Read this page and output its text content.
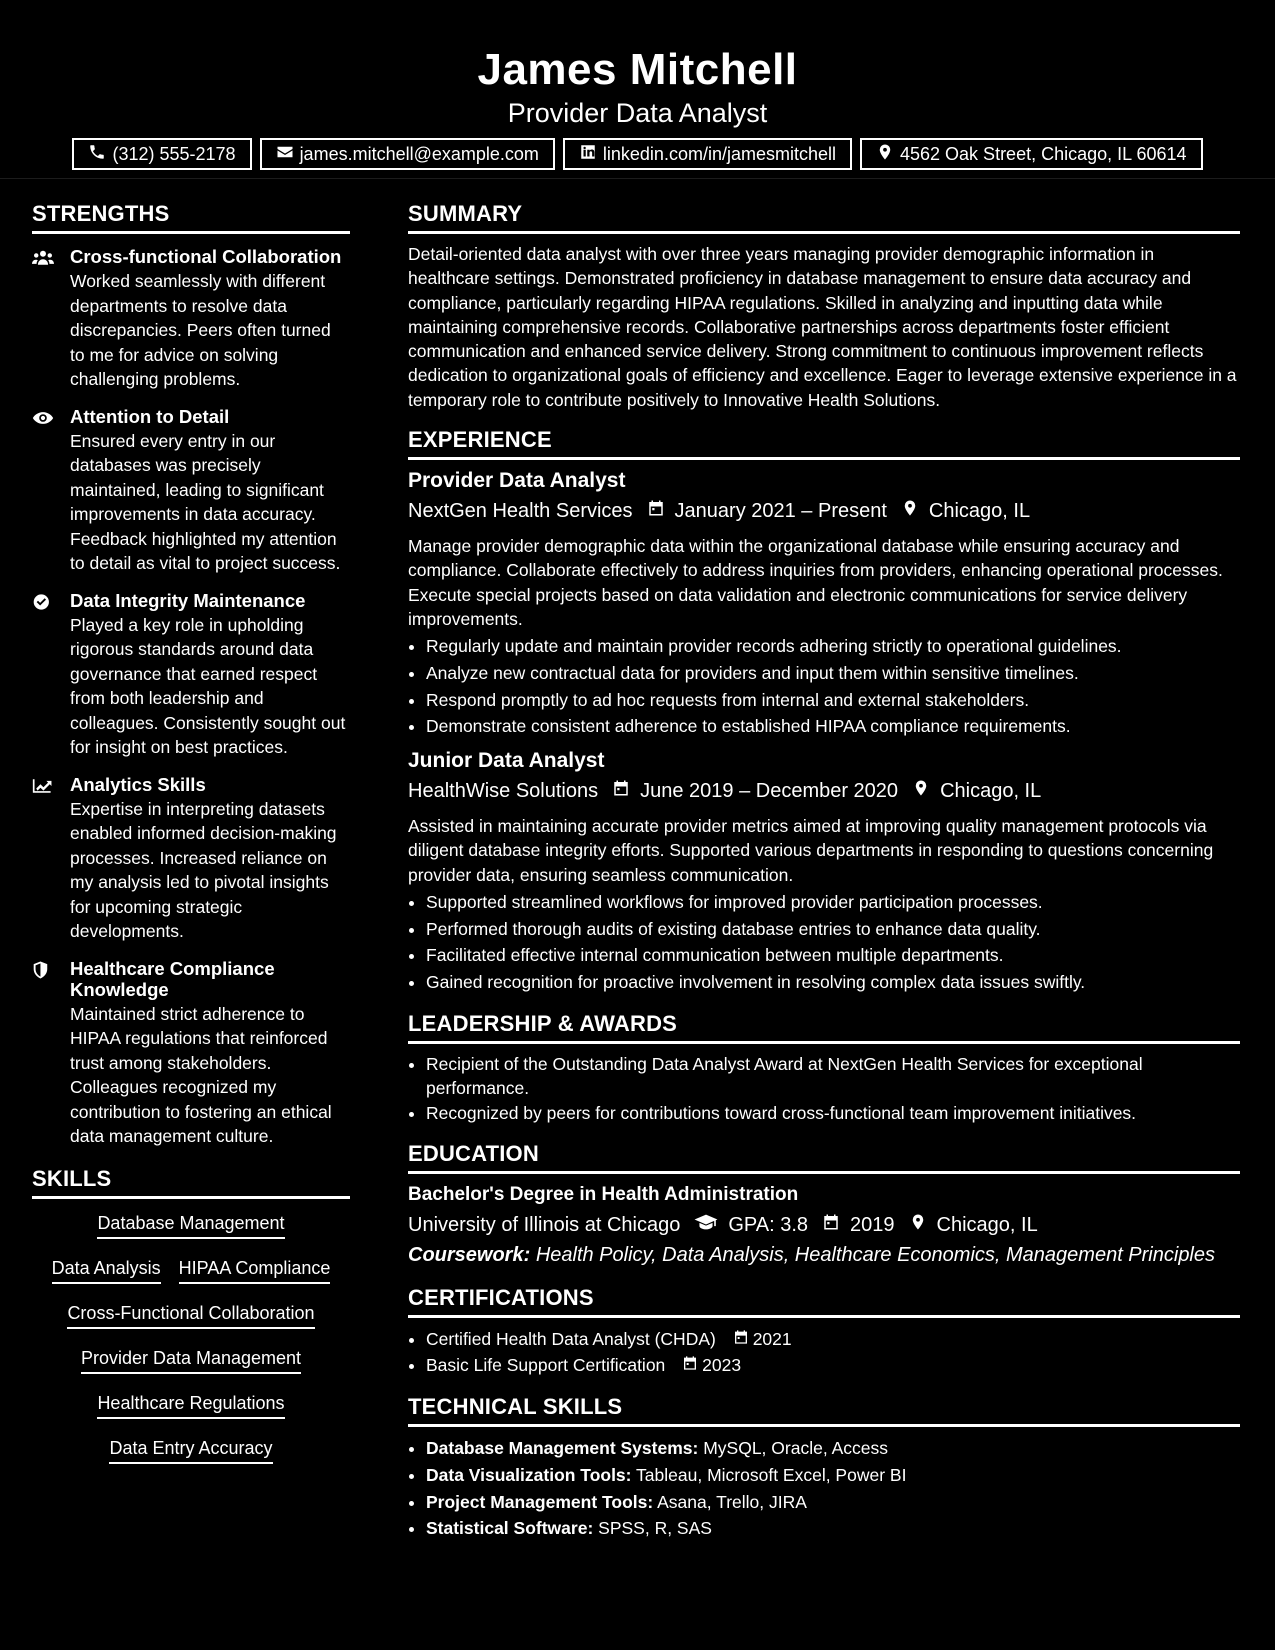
James Mitchell
Provider Data Analyst
(312) 555-2178	james.mitchell@example.com	linkedin.com/in/jamesmitchell	4562 Oak Street, Chicago, IL 60614
STRENGTHS
Cross-functional Collaboration
Worked seamlessly with different departments to resolve data discrepancies. Peers often turned to me for advice on solving challenging problems.
Attention to Detail
Ensured every entry in our databases was precisely maintained, leading to significant improvements in data accuracy. Feedback highlighted my attention to detail as vital to project success.
Data Integrity Maintenance
Played a key role in upholding rigorous standards around data governance that earned respect from both leadership and colleagues. Consistently sought out for insight on best practices.
Analytics Skills
Expertise in interpreting datasets enabled informed decision-making processes. Increased reliance on my analysis led to pivotal insights for upcoming strategic developments.
Healthcare Compliance Knowledge
Maintained strict adherence to HIPAA regulations that reinforced trust among stakeholders. Colleagues recognized my contribution to fostering an ethical data management culture.
SKILLS
Database Management
Data Analysis HIPAA Compliance
Cross-Functional Collaboration
Provider Data Management
Healthcare Regulations
Data Entry Accuracy
SUMMARY
Detail-oriented data analyst with over three years managing provider demographic information in healthcare settings. Demonstrated proficiency in database management to ensure data accuracy and compliance, particularly regarding HIPAA regulations. Skilled in analyzing and inputting data while maintaining comprehensive records. Collaborative partnerships across departments foster efficient communication and enhanced service delivery. Strong commitment to continuous improvement reflects dedication to organizational goals of efficiency and excellence. Eager to leverage extensive experience in a temporary role to contribute positively to Innovative Health Solutions.
EXPERIENCE
Provider Data Analyst
NextGen Health Services January 2021 – Present Chicago, IL
Manage provider demographic data within the organizational database while ensuring accuracy and compliance. Collaborate effectively to address inquiries from providers, enhancing operational processes. Execute special projects based on data validation and electronic communications for service delivery improvements.
• Regularly update and maintain provider records adhering strictly to operational guidelines.
• Analyze new contractual data for providers and input them within sensitive timelines.
• Respond promptly to ad hoc requests from internal and external stakeholders.
• Demonstrate consistent adherence to established HIPAA compliance requirements.
Junior Data Analyst
HealthWise Solutions June 2019 – December 2020 Chicago, IL
Assisted in maintaining accurate provider metrics aimed at improving quality management protocols via diligent database integrity efforts. Supported various departments in responding to questions concerning provider data, ensuring seamless communication.
• Supported streamlined workflows for improved provider participation processes.
• Performed thorough audits of existing database entries to enhance data quality.
• Facilitated effective internal communication between multiple departments.
• Gained recognition for proactive involvement in resolving complex data issues swiftly.
LEADERSHIP & AWARDS
• Recipient of the Outstanding Data Analyst Award at NextGen Health Services for exceptional performance.
• Recognized by peers for contributions toward cross-functional team improvement initiatives.
EDUCATION
Bachelor's Degree in Health Administration
University of Illinois at Chicago GPA: 3.8 2019 Chicago, IL
Coursework: Health Policy, Data Analysis, Healthcare Economics, Management Principles
CERTIFICATIONS
• Certified Health Data Analyst (CHDA) 2021
• Basic Life Support Certification 2023
TECHNICAL SKILLS
• Database Management Systems: MySQL, Oracle, Access
• Data Visualization Tools: Tableau, Microsoft Excel, Power BI
• Project Management Tools: Asana, Trello, JIRA
• Statistical Software: SPSS, R, SAS
